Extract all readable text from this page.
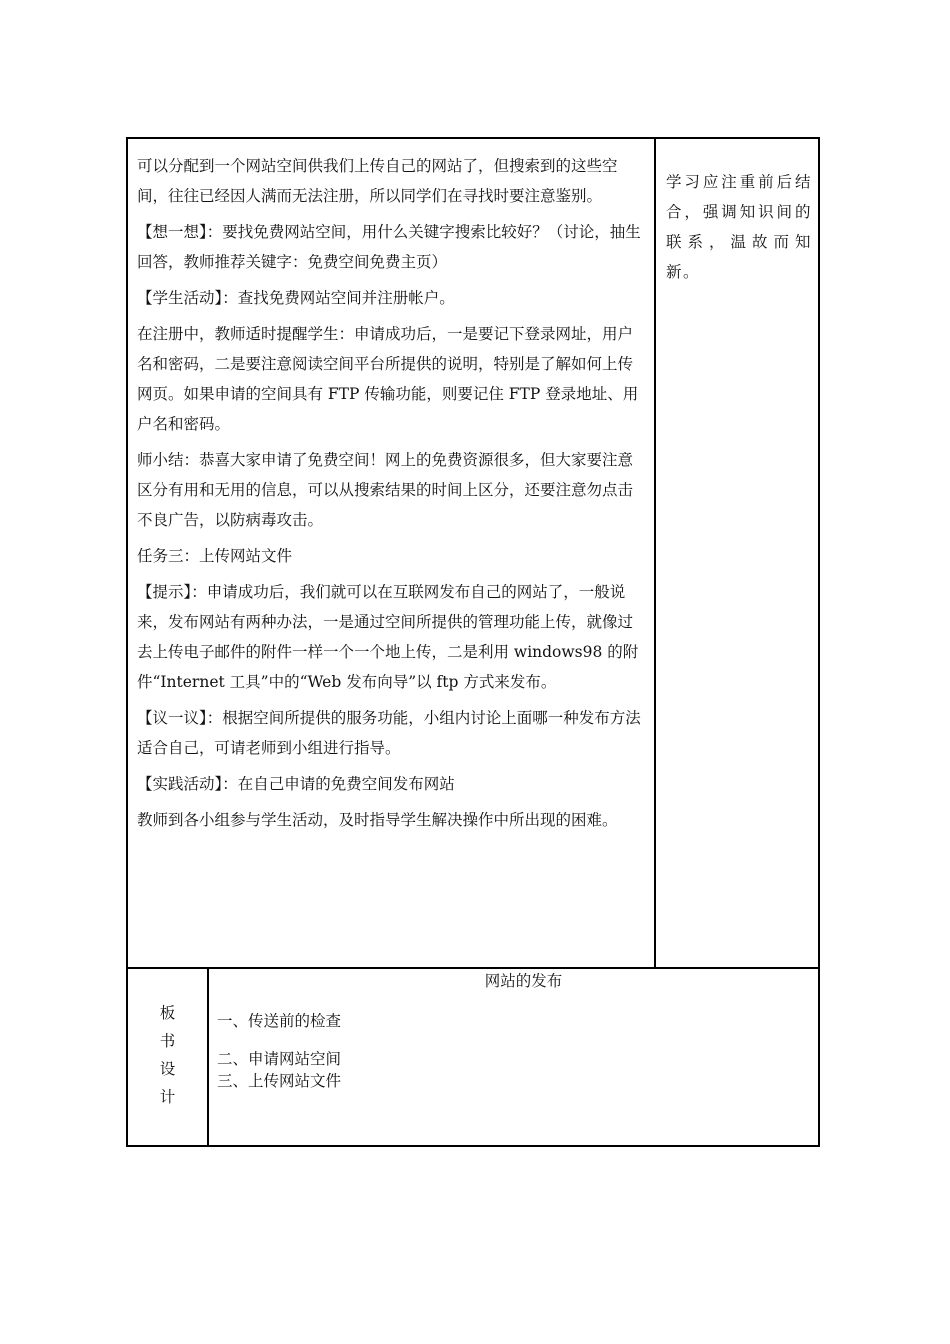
可以分配到一个网站空间供我们上传自己的网站了，但搜索到的这些空间，往往已经因人满而无法注册，所以同学们在寻找时要注意鉴别。

【想一想】：要找免费网站空间，用什么关键字搜索比较好？（讨论，抽生回答，教师推荐关键字：免费空间免费主页）

【学生活动】：查找免费网站空间并注册帐户。

在注册中，教师适时提醒学生：申请成功后，一是要记下登录网址，用户名和密码，二是要注意阅读空间平台所提供的说明，特别是了解如何上传网页。如果申请的空间具有 FTP 传输功能，则要记住 FTP 登录地址、用户名和密码。

师小结：恭喜大家申请了免费空间！网上的免费资源很多，但大家要注意区分有用和无用的信息，可以从搜索结果的时间上区分，还要注意勿点击不良广告，以防病毒攻击。

任务三：上传网站文件

【提示】：申请成功后，我们就可以在互联网发布自己的网站了，一般说来，发布网站有两种办法，一是通过空间所提供的管理功能上传，就像过去上传电子邮件的附件一样一个一个地上传，二是利用 windows98 的附件“Internet 工具”中的“Web 发布向导”以 ftp 方式来发布。

【议一议】：根据空间所提供的服务功能，小组内讨论上面哪一种发布方法适合自己，可请老师到小组进行指导。

【实践活动】：在自己申请的免费空间发布网站

教师到各小组参与学生活动，及时指导学生解决操作中所出现的困难。

学习应注重前后结合，强调知识间的联系，温故而知新。
板
书
设
计
网站的发布
一、传送前的检查
二、申请网站空间
三、上传网站文件
